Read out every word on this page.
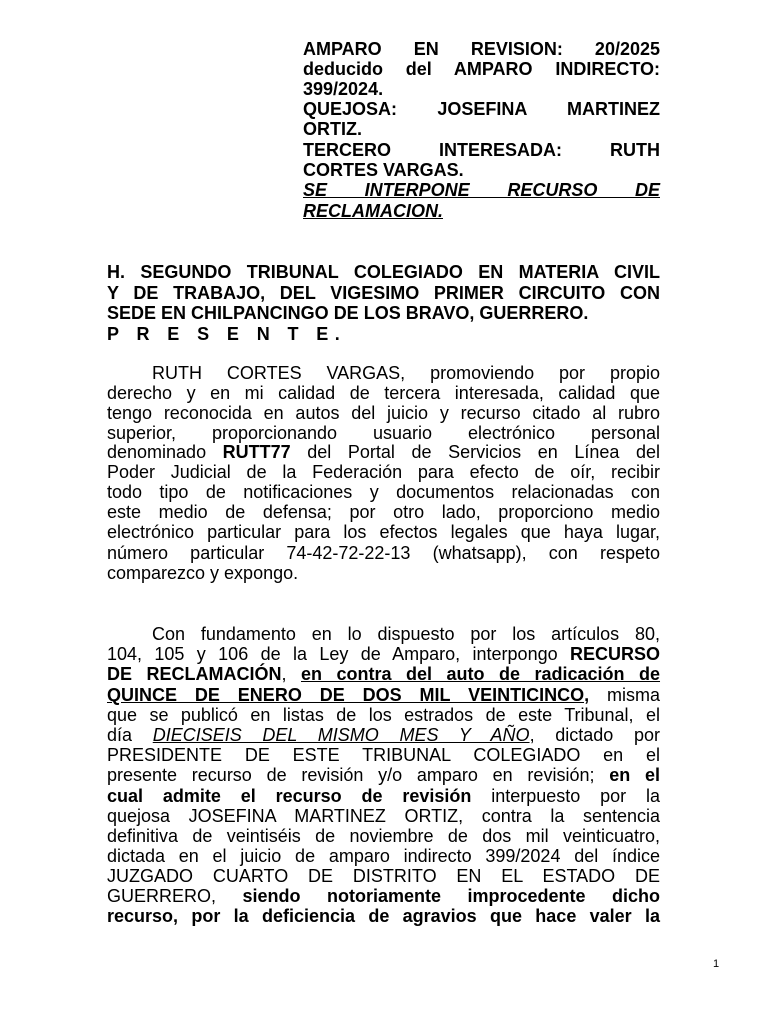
AMPARO EN REVISION: 20/2025
deducido del AMPARO INDIRECTO:
399/2024.
QUEJOSA: JOSEFINA MARTINEZ
ORTIZ.
TERCERO INTERESADA: RUTH
CORTES VARGAS.
SE INTERPONE RECURSO DE
RECLAMACION.
H. SEGUNDO TRIBUNAL COLEGIADO EN MATERIA CIVIL
Y DE TRABAJO, DEL VIGESIMO PRIMER CIRCUITO CON
SEDE EN CHILPANCINGO DE LOS BRAVO, GUERRERO.
P R E S E N T E.
RUTH CORTES VARGAS, promoviendo por propio
derecho y en mi calidad de tercera interesada, calidad que
tengo reconocida en autos del juicio y recurso citado al rubro
superior, proporcionando usuario electrónico personal
denominado RUTT77 del Portal de Servicios en Línea del
Poder Judicial de la Federación para efecto de oír, recibir
todo tipo de notificaciones y documentos relacionadas con
este medio de defensa; por otro lado, proporciono medio
electrónico particular para los efectos legales que haya lugar,
número particular 74-42-72-22-13 (whatsapp), con respeto
comparezco y expongo.
Con fundamento en lo dispuesto por los artículos 80,
104, 105 y 106 de la Ley de Amparo, interpongo RECURSO
DE RECLAMACIÓN, en contra del auto de radicación de
QUINCE DE ENERO DE DOS MIL VEINTICINCO, misma
que se publicó en listas de los estrados de este Tribunal, el
día DIECISEIS DEL MISMO MES Y AÑO, dictado por
PRESIDENTE DE ESTE TRIBUNAL COLEGIADO en el
presente recurso de revisión y/o amparo en revisión; en el
cual admite el recurso de revisión interpuesto por la
quejosa JOSEFINA MARTINEZ ORTIZ, contra la sentencia
definitiva de veintiséis de noviembre de dos mil veinticuatro,
dictada en el juicio de amparo indirecto 399/2024 del índice
JUZGADO CUARTO DE DISTRITO EN EL ESTADO DE
GUERRERO, siendo notoriamente improcedente dicho
recurso, por la deficiencia de agravios que hace valer la
1
